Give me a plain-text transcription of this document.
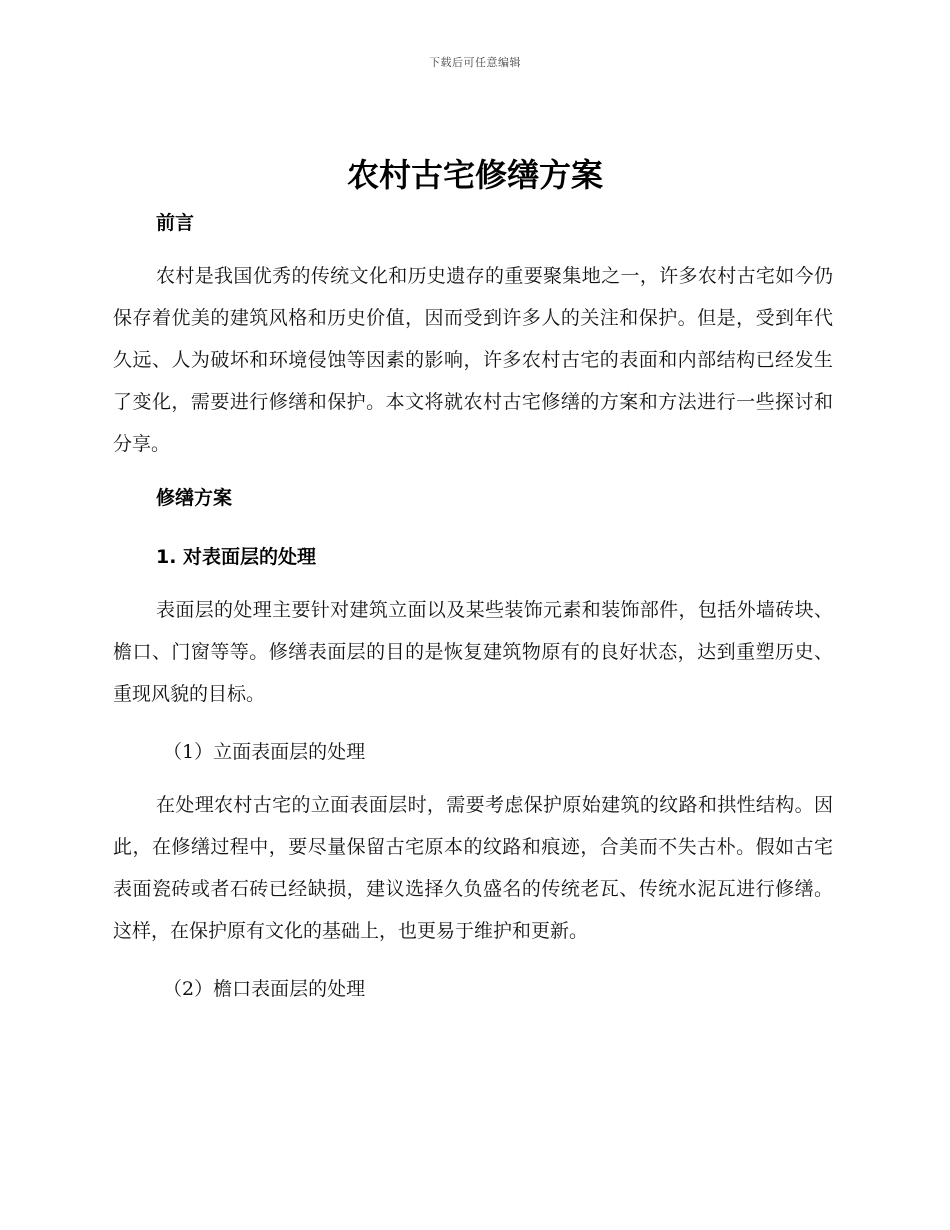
下载后可任意编辑
农村古宅修缮方案

前言

农村是我国优秀的传统文化和历史遗存的重要聚集地之一，许多农村古宅如今仍保存着优美的建筑风格和历史价值，因而受到许多人的关注和保护。但是，受到年代久远、人为破坏和环境侵蚀等因素的影响，许多农村古宅的表面和内部结构已经发生了变化，需要进行修缮和保护。本文将就农村古宅修缮的方案和方法进行一些探讨和分享。

修缮方案

1. 对表面层的处理

表面层的处理主要针对建筑立面以及某些装饰元素和装饰部件，包括外墙砖块、檐口、门窗等等。修缮表面层的目的是恢复建筑物原有的良好状态，达到重塑历史、重现风貌的目标。

（1）立面表面层的处理

在处理农村古宅的立面表面层时，需要考虑保护原始建筑的纹路和拱性结构。因此，在修缮过程中，要尽量保留古宅原本的纹路和痕迹，合美而不失古朴。假如古宅表面瓷砖或者石砖已经缺损，建议选择久负盛名的传统老瓦、传统水泥瓦进行修缮。这样，在保护原有文化的基础上，也更易于维护和更新。

（2）檐口表面层的处理
